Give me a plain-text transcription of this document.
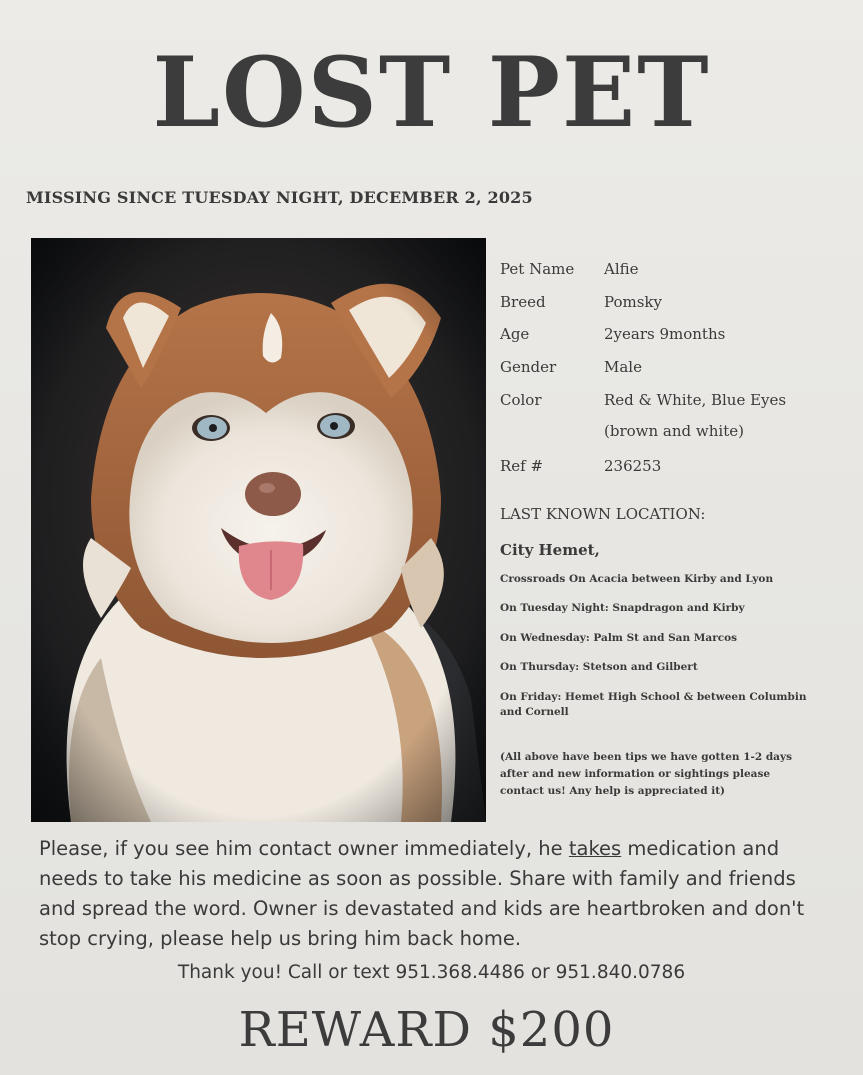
LOST PET
MISSING SINCE TUESDAY NIGHT, DECEMBER 2, 2025
Pet Name Alfie
Breed	Pomsky
Age	2years 9months
Gender	Male
Color	Red & White, Blue Eyes
(brown and white)
Ref #	236253
LAST KNOWN LOCATION:
City Hemet,
Crossroads On Acacia between Kirby and Lyon
On Tuesday Night: Snapdragon and Kirby
On Wednesday: Palm St and San Marcos
On Thursday: Stetson and Gilbert
On Friday: Hemet High School & between Columbin and Cornell
(All above have been tips we have gotten 1-2 days after and new information or sightings please contact us! Any help is appreciated it)
Please, if you see him contact owner immediately, he takes medication and needs to take his medicine as soon as possible. Share with family and friends and spread the word. Owner is devastated and kids are heartbroken and don't stop crying, please help us bring him back home.
Thank you! Call or text 951.368.4486 or 951.840.0786
REWARD $200
